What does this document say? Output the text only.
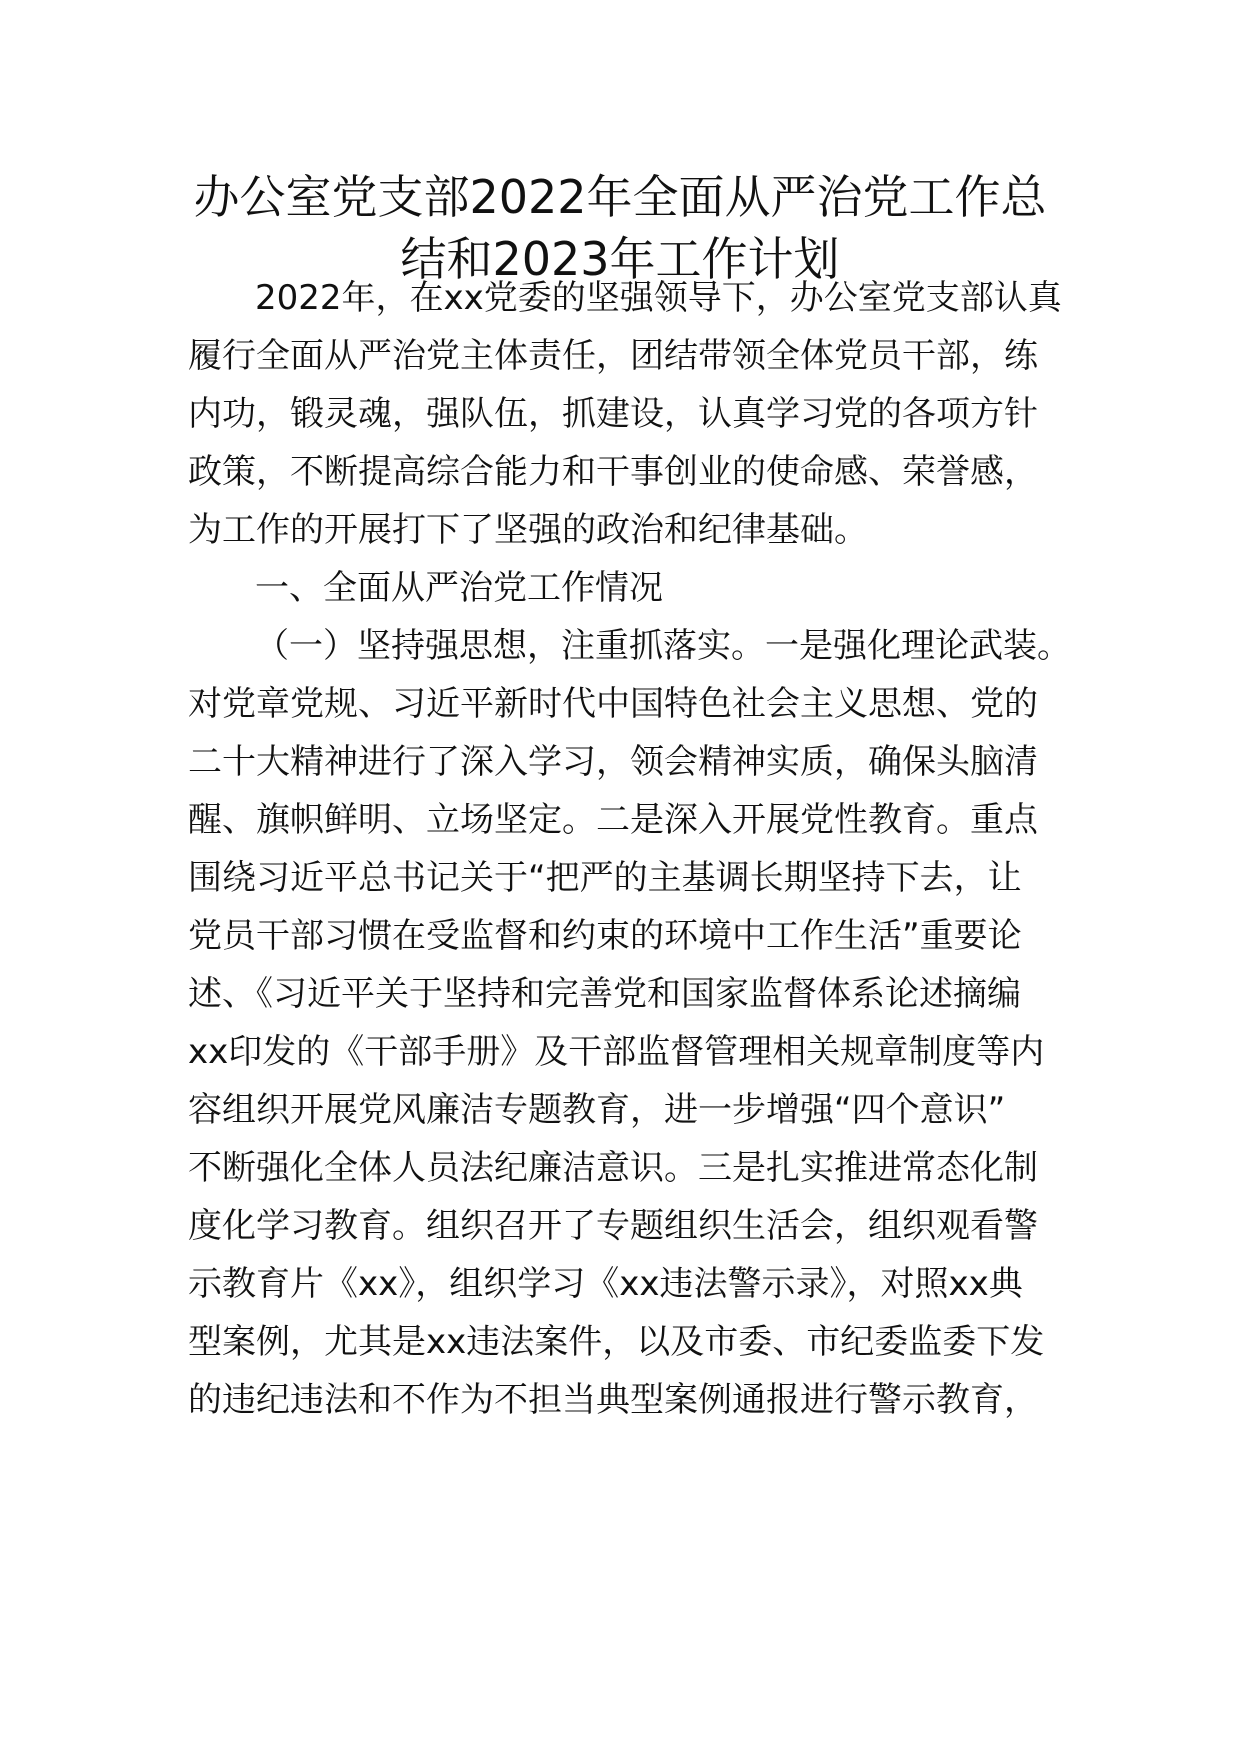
办公室党支部2022年全面从严治党工作总
结和2023年工作计划
2022年，在xx党委的坚强领导下，办公室党支部认真
履行全面从严治党主体责任，团结带领全体党员干部，练
内功，锻灵魂，强队伍，抓建设，认真学习党的各项方针
政策，不断提高综合能力和干事创业的使命感、荣誉感，
为工作的开展打下了坚强的政治和纪律基础。
一、全面从严治党工作情况
（一）坚持强思想，注重抓落实。一是强化理论武装。
对党章党规、习近平新时代中国特色社会主义思想、党的
二十大精神进行了深入学习，领会精神实质，确保头脑清
醒、旗帜鲜明、立场坚定。二是深入开展党性教育。重点
围绕习近平总书记关于“把严的主基调长期坚持下去，让
党员干部习惯在受监督和约束的环境中工作生活”重要论
述、《习近平关于坚持和完善党和国家监督体系论述摘编
xx印发的《干部手册》及干部监督管理相关规章制度等内
容组织开展党风廉洁专题教育，进一步增强“四个意识”
不断强化全体人员法纪廉洁意识。三是扎实推进常态化制
度化学习教育。组织召开了专题组织生活会，组织观看警
示教育片《xx》，组织学习《xx违法警示录》，对照xx典
型案例，尤其是xx违法案件，以及市委、市纪委监委下发
的违纪违法和不作为不担当典型案例通报进行警示教育，
